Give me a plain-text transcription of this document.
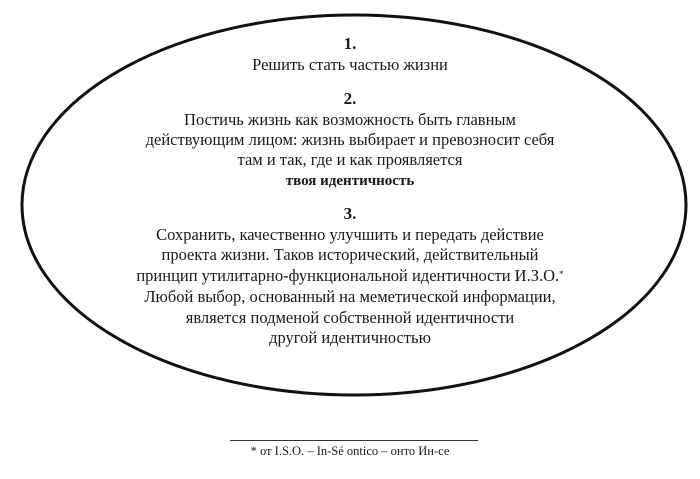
1.
Решить стать частью жизни
2.
Постичь жизнь как возможность быть главным
действующим лицом: жизнь выбирает и превозносит себя
там и так, где и как проявляется
твоя идентичность
3.
Сохранить, качественно улучшить и передать действие
проекта жизни. Таков исторический, действительный
принцип утилитарно-функциональной идентичности И.З.О.*
Любой выбор, основанный на меметической информации,
является подменой собственной идентичности
другой идентичностью
* от I.S.O. – In-Sé ontico – онто Ин-се
